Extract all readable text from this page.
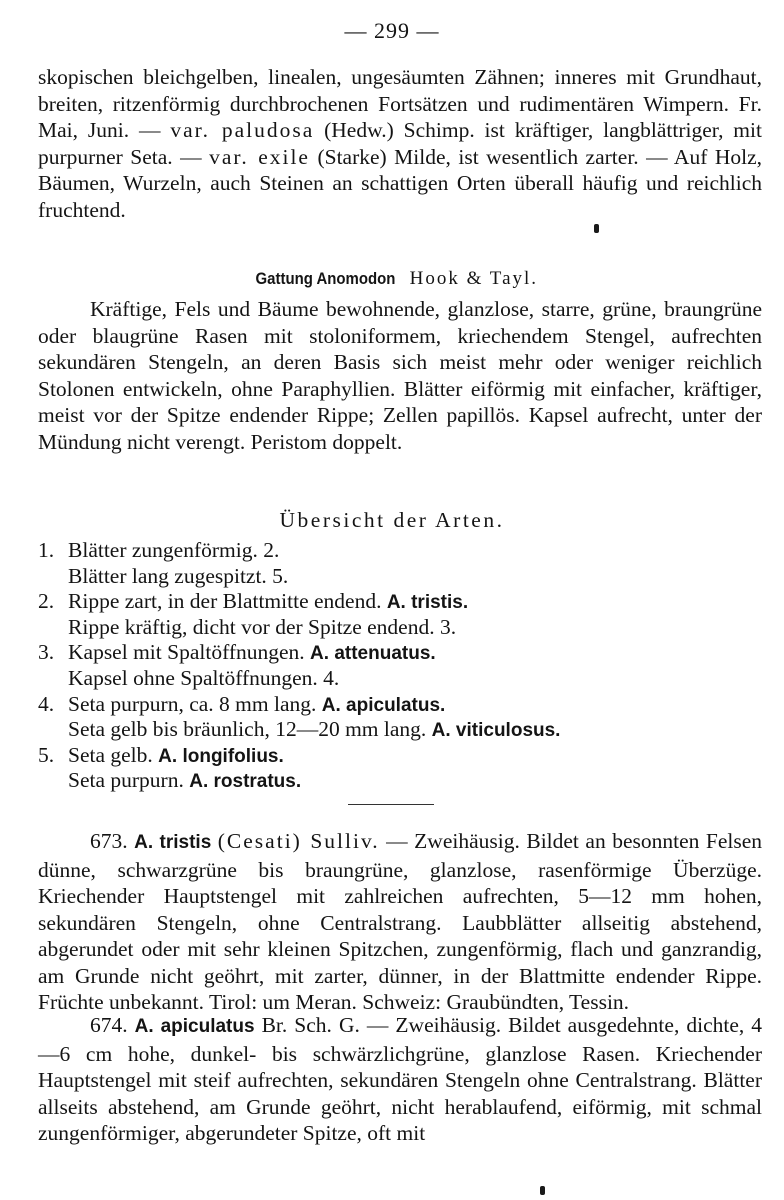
— 299 —

skopischen bleichgelben, linealen, ungesäumten Zähnen; inneres mit Grundhaut, breiten, ritzenförmig durchbrochenen Fortsätzen und rudimentären Wimpern. Fr. Mai, Juni. — var. paludosa (Hedw.) Schimp. ist kräftiger, langblättriger, mit purpurner Seta. — var. exile (Starke) Milde, ist wesentlich zarter. — Auf Holz, Bäumen, Wurzeln, auch Steinen an schattigen Orten überall häufig und reichlich fruchtend.

Gattung Anomodon Hook & Tayl.

Kräftige, Fels und Bäume bewohnende, glanzlose, starre, grüne, braungrüne oder blaugrüne Rasen mit stoloniformem, kriechendem Stengel, aufrechten sekundären Stengeln, an deren Basis sich meist mehr oder weniger reichlich Stolonen entwickeln, ohne Paraphyllien. Blätter eiförmig mit einfacher, kräftiger, meist vor der Spitze endender Rippe; Zellen papillös. Kapsel aufrecht, unter der Mündung nicht verengt. Peristom doppelt.

Übersicht der Arten.
1. Blätter zungenförmig. 2.
Blätter lang zugespitzt. 5.
2. Rippe zart, in der Blattmitte endend. A. tristis.
Rippe kräftig, dicht vor der Spitze endend. 3.
3. Kapsel mit Spaltöffnungen. A. attenuatus.
Kapsel ohne Spaltöffnungen. 4.
4. Seta purpurn, ca. 8 mm lang. A. apiculatus.
Seta gelb bis bräunlich, 12—20 mm lang. A. viticulosus.
5. Seta gelb. A. longifolius.
Seta purpurn. A. rostratus.

673. A. tristis (Cesati) Sulliv. — Zweihäusig. Bildet an besonnten Felsen dünne, schwarzgrüne bis braungrüne, glanzlose, rasenförmige Überzüge. Kriechender Hauptstengel mit zahlreichen aufrechten, 5—12 mm hohen, sekundären Stengeln, ohne Centralstrang. Laubblätter allseitig abstehend, abgerundet oder mit sehr kleinen Spitzchen, zungenförmig, flach und ganzrandig, am Grunde nicht geöhrt, mit zarter, dünner, in der Blattmitte endender Rippe. Früchte unbekannt. Tirol: um Meran. Schweiz: Graubündten, Tessin.

674. A. apiculatus Br. Sch. G. — Zweihäusig. Bildet ausgedehnte, dichte, 4—6 cm hohe, dunkel- bis schwärzlichgrüne, glanzlose Rasen. Kriechender Hauptstengel mit steif aufrechten, sekundären Stengeln ohne Centralstrang. Blätter allseits abstehend, am Grunde geöhrt, nicht herablaufend, eiförmig, mit schmal zungenförmiger, abgerundeter Spitze, oft mit
